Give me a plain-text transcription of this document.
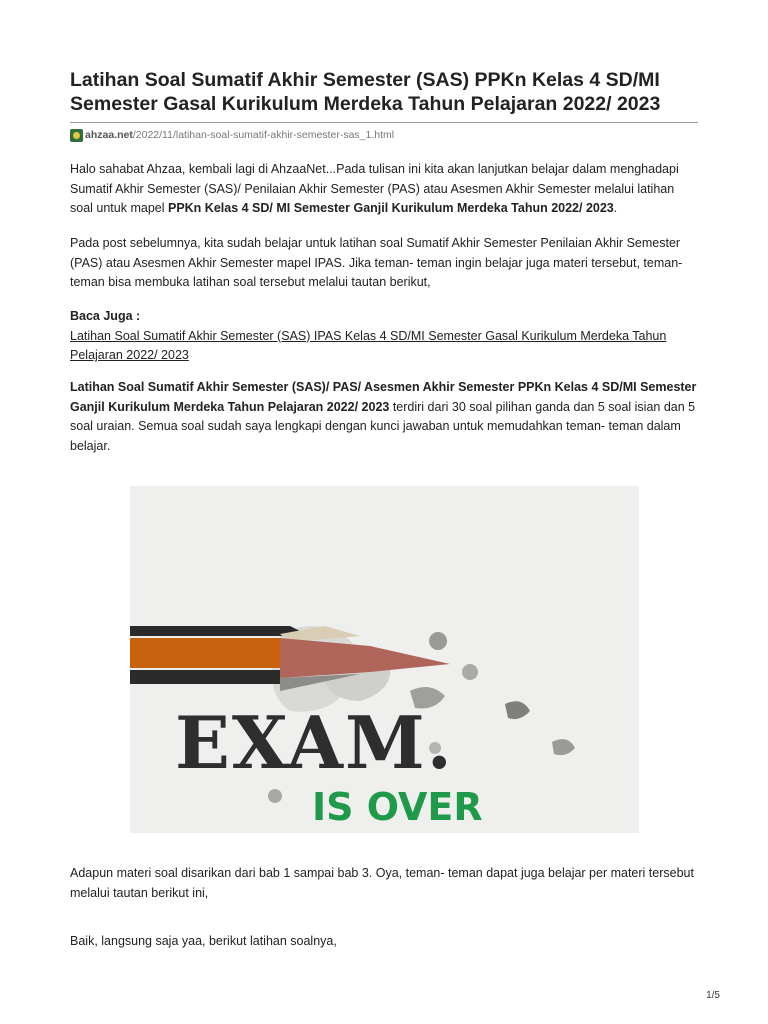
Latihan Soal Sumatif Akhir Semester (SAS) PPKn Kelas 4 SD/MI Semester Gasal Kurikulum Merdeka Tahun Pelajaran 2022/ 2023
ahzaa.net /2022/11/latihan-soal-sumatif-akhir-semester-sas_1.html

Halo sahabat Ahzaa, kembali lagi di AhzaaNet...Pada tulisan ini kita akan lanjutkan belajar dalam menghadapi Sumatif Akhir Semester (SAS)/ Penilaian Akhir Semester (PAS) atau Asesmen Akhir Semester melalui latihan soal untuk mapel PPKn Kelas 4 SD/ MI Semester Ganjil Kurikulum Merdeka Tahun 2022/ 2023.

Pada post sebelumnya, kita sudah belajar untuk latihan soal Sumatif Akhir Semester Penilaian Akhir Semester (PAS) atau Asesmen Akhir Semester mapel IPAS. Jika teman- teman ingin belajar juga materi tersebut, teman-teman bisa membuka latihan soal tersebut melalui tautan berikut,

Baca Juga :
Latihan Soal Sumatif Akhir Semester (SAS) IPAS Kelas 4 SD/MI Semester Gasal Kurikulum Merdeka Tahun Pelajaran 2022/ 2023

Latihan Soal Sumatif Akhir Semester (SAS)/ PAS/ Asesmen Akhir Semester PPKn Kelas 4 SD/MI Semester Ganjil Kurikulum Merdeka Tahun Pelajaran 2022/ 2023 terdiri dari 30 soal pilihan ganda dan 5 soal isian dan 5 soal uraian. Semua soal sudah saya lengkapi dengan kunci jawaban untuk memudahkan teman- teman dalam belajar.

EXAM.
IS OVER

Adapun materi soal disarikan dari bab 1 sampai bab 3. Oya, teman- teman dapat juga belajar per materi tersebut melalui tautan berikut ini,

Baik, langsung saja yaa, berikut latihan soalnya,

1/5
